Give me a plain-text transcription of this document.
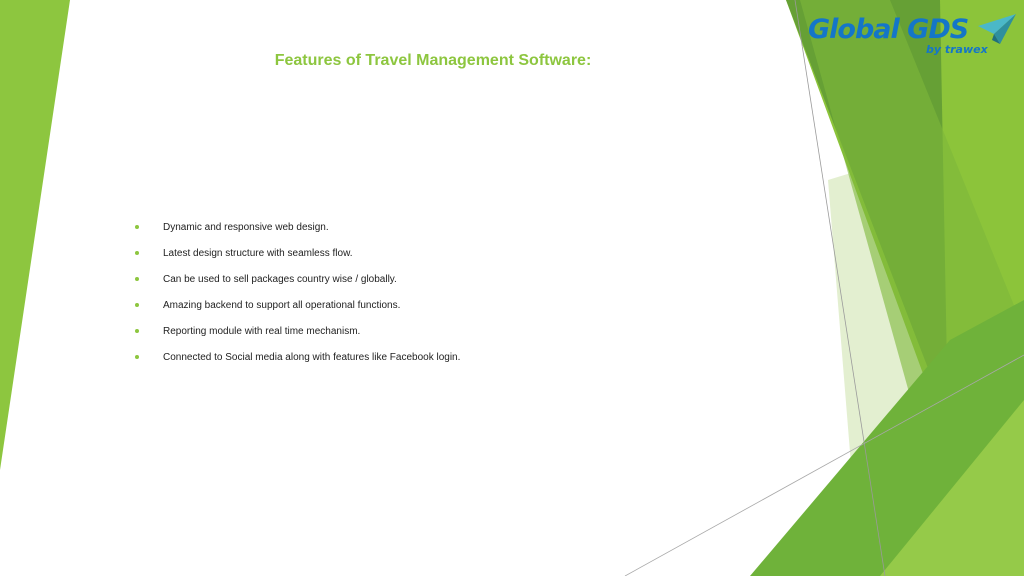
Global GDS
by trawex
Features of Travel Management Software:
Dynamic and responsive web design.
Latest design structure with seamless flow.
Can be used to sell packages country wise / globally.
Amazing backend to support all operational functions.
Reporting module with real time mechanism.
Connected to Social media along with features like Facebook login.
